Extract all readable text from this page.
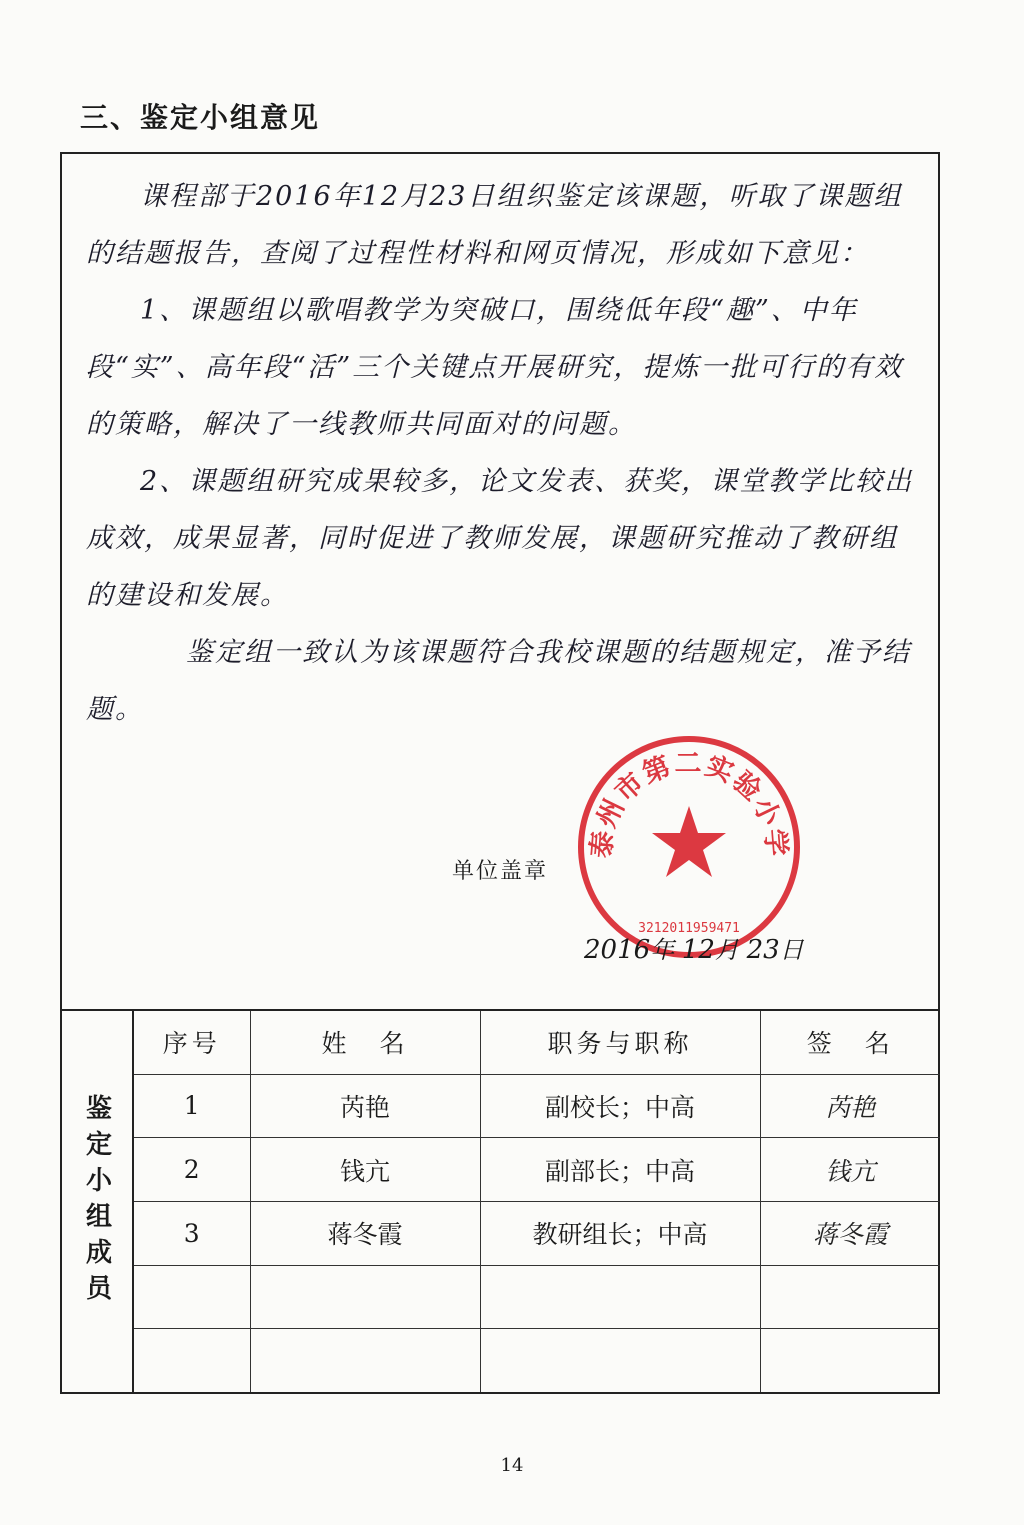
三、鉴定小组意见

课程部于2016年12月23日组织鉴定该课题，听取了课题组的结题报告，查阅了过程性材料和网页情况，形成如下意见：

1、课题组以歌唱教学为突破口，围绕低年段“趣”、中年段“实”、高年段“活”三个关键点开展研究，提炼一批可行的有效的策略，解决了一线教师共同面对的问题。

2、课题组研究成果较多，论文发表、获奖，课堂教学比较出成效，成果显著，同时促进了教师发展，课题研究推动了教研组的建设和发展。

鉴定组一致认为该课题符合我校课题的结题规定，准予结题。

泰州市第二实验小学
3212011959471
单位盖章
2016年 12月 23日
鉴定小组成员
序号	姓　名	职务与职称	签　名
1	芮艳	副校长；中高	芮艳
2	钱亢	副部长；中高	钱亢
3	蒋冬霞	教研组长；中高	蒋冬霞

14
